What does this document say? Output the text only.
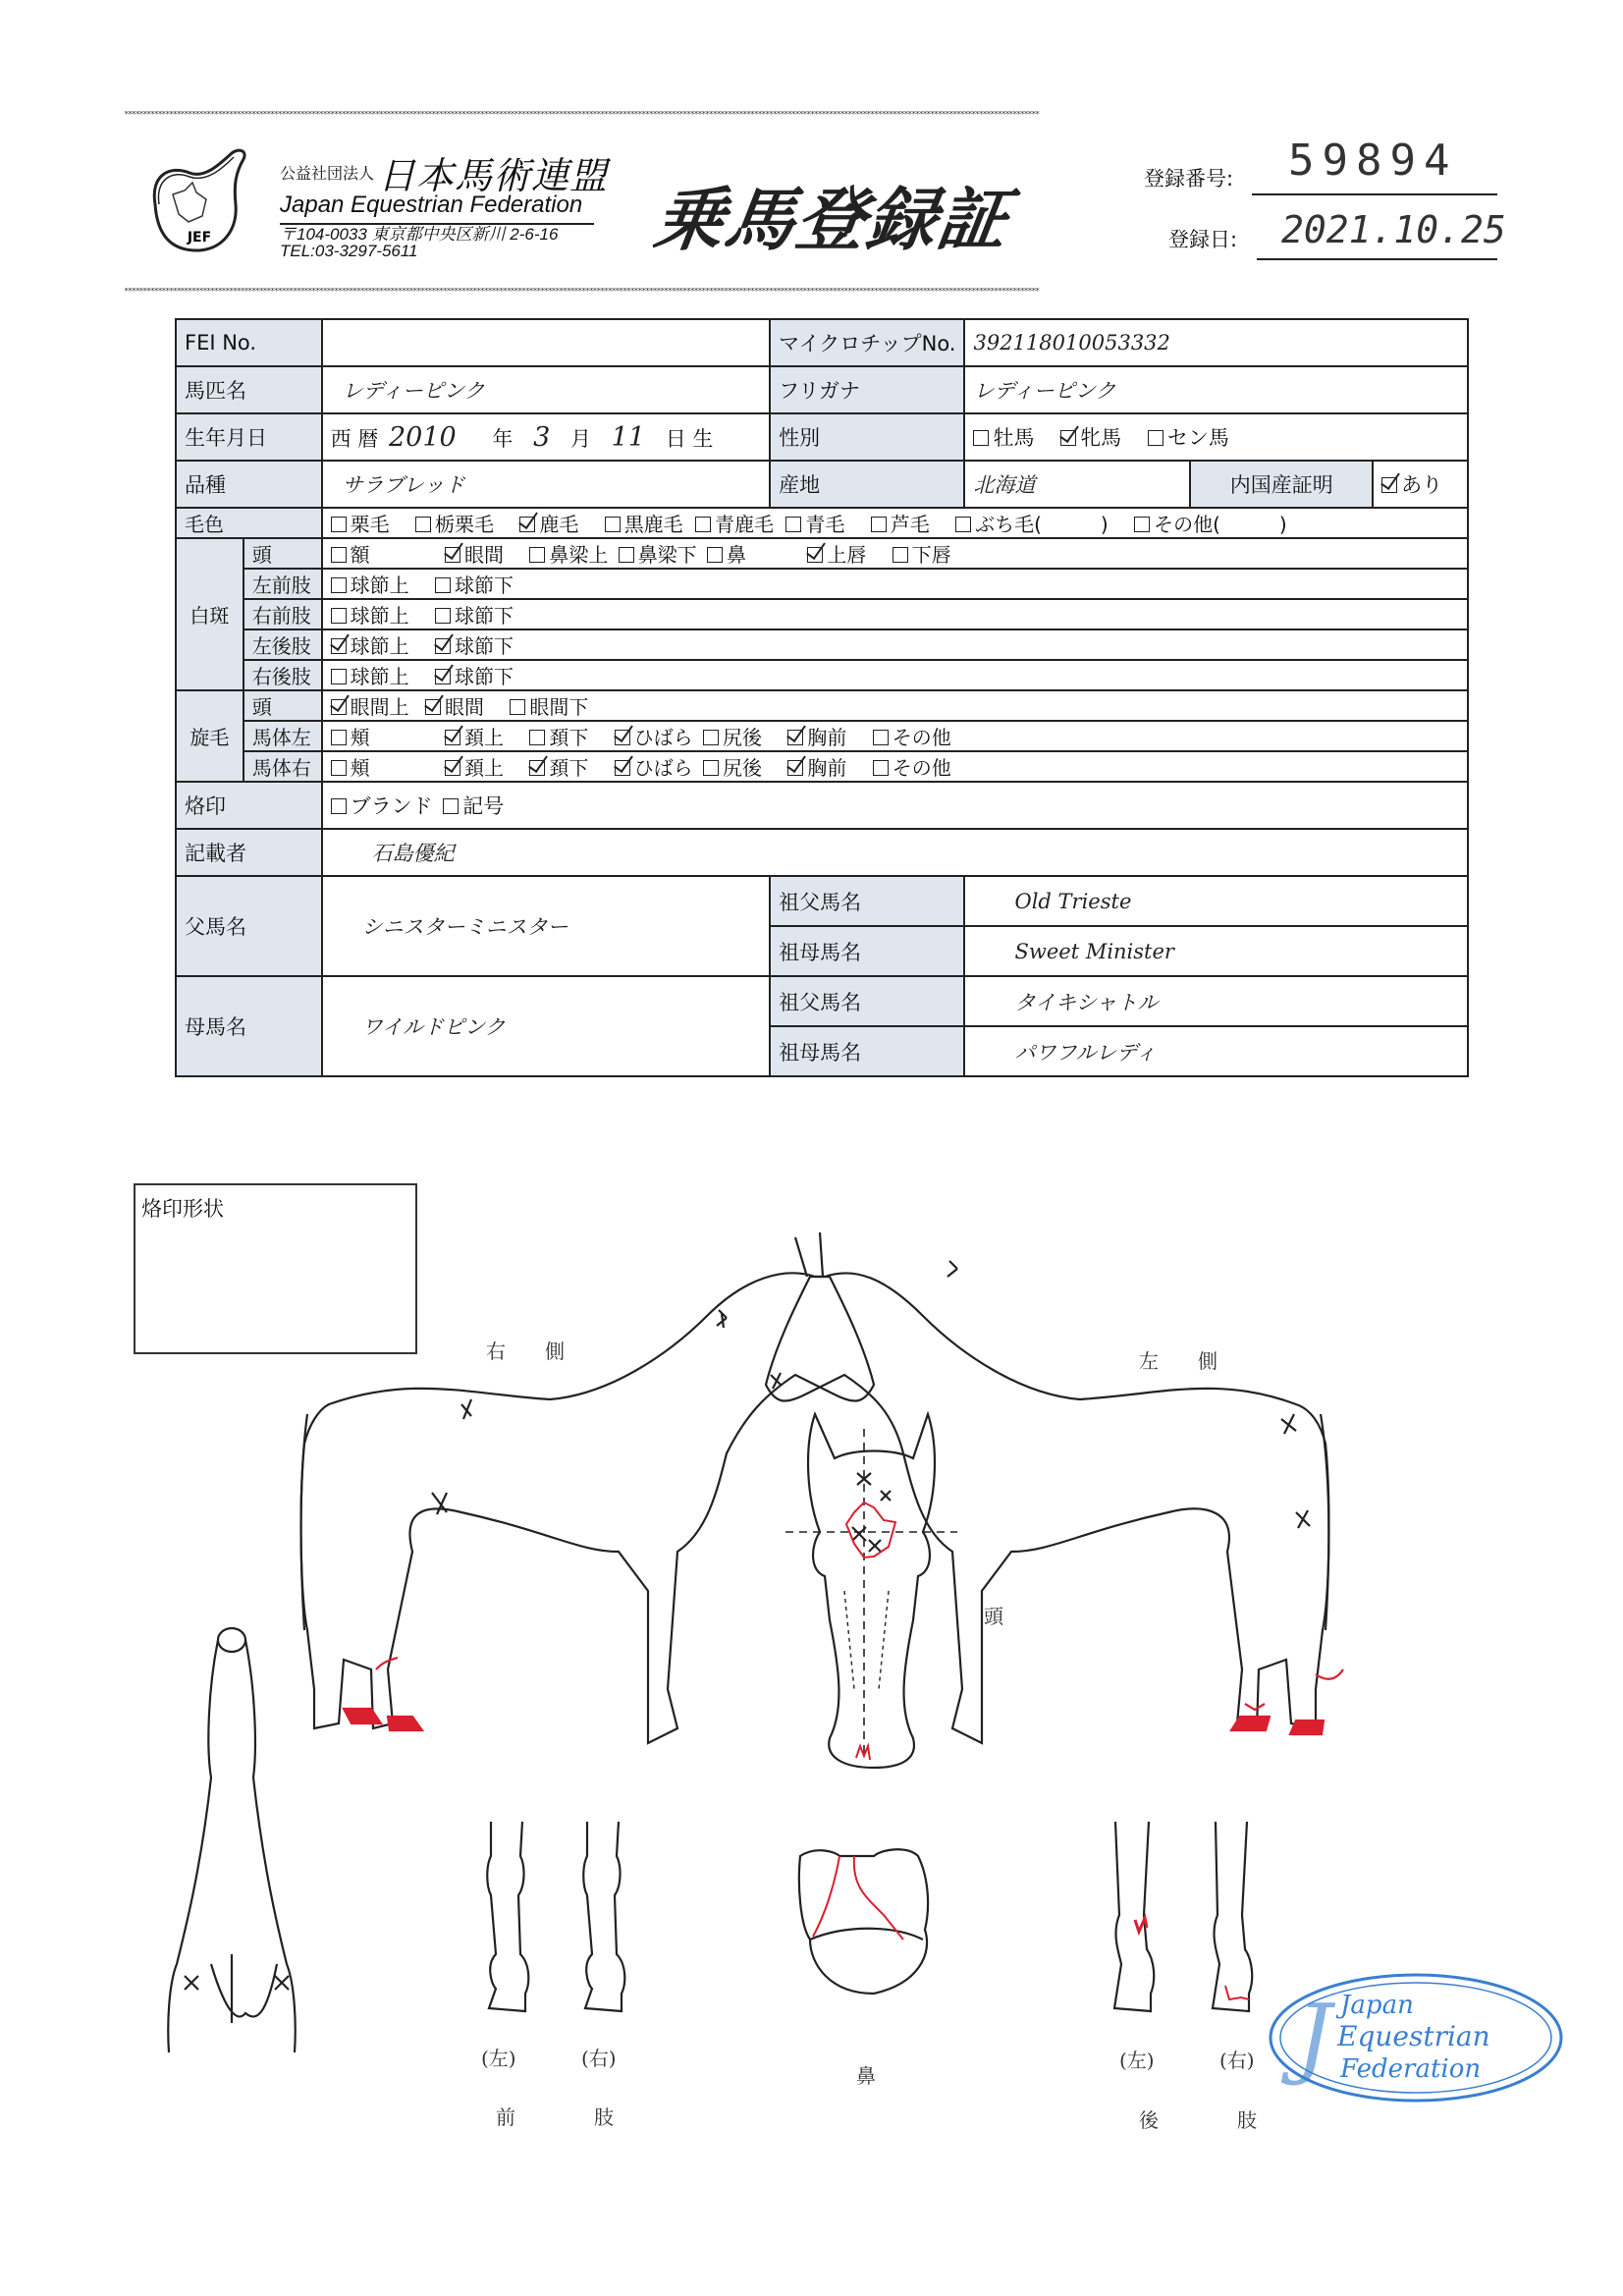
****************************************************************************************************************************************************************************************************************************************************
****************************************************************************************************************************************************************************************************************************************************
JEF
公益社団法人 日本馬術連盟
Japan Equestrian Federation
〒104-0033 東京都中央区新川 2-6-16
TEL:03-3297-5611	乗馬登録証
登録番号: 59894
登録日: 2021.10.25
FEI No.			マイクロチップNo.	392118010053332		
馬匹名		レディーピンク	フリガナ	レディーピンク		
生年月日		西 暦 2010 年 3 月 11 日 生	性別	牡馬 牝馬 セン馬		
品種		サラブレッド	産地	北海道	内国産証明	あり
毛色		栗毛 栃栗毛 鹿毛 黒鹿毛 青鹿毛 青毛 芦毛 ぶち毛(　　　) その他(　　　)				
白斑	頭	額 眼間 鼻梁上 鼻梁下 鼻 上唇 下唇				
	左前肢	球節上 球節下				
	右前肢	球節上 球節下				
	左後肢	球節上 球節下				
	右後肢	球節上 球節下				
旋毛	頭	眼間上 眼間 眼間下				
	馬体左	頬 頚上 頚下 ひばら 尻後 胸前 その他				
	馬体右	頬 頚上 頚下 ひばら 尻後 胸前 その他				
烙印		ブランド 記号				
記載者		石島優紀				
父馬名		シニスターミニスター	祖父馬名	Old Trieste		
			祖母馬名	Sweet Minister		
母馬名		ワイルドピンク	祖父馬名	タイキシャトル		
			祖母馬名	パワフルレディ		
烙印形状
右　　側	左　　側
頭
鼻
(左)	(右)
前	肢
(左)	(右)
後	肢
J Japan
Equestrian
Federation
